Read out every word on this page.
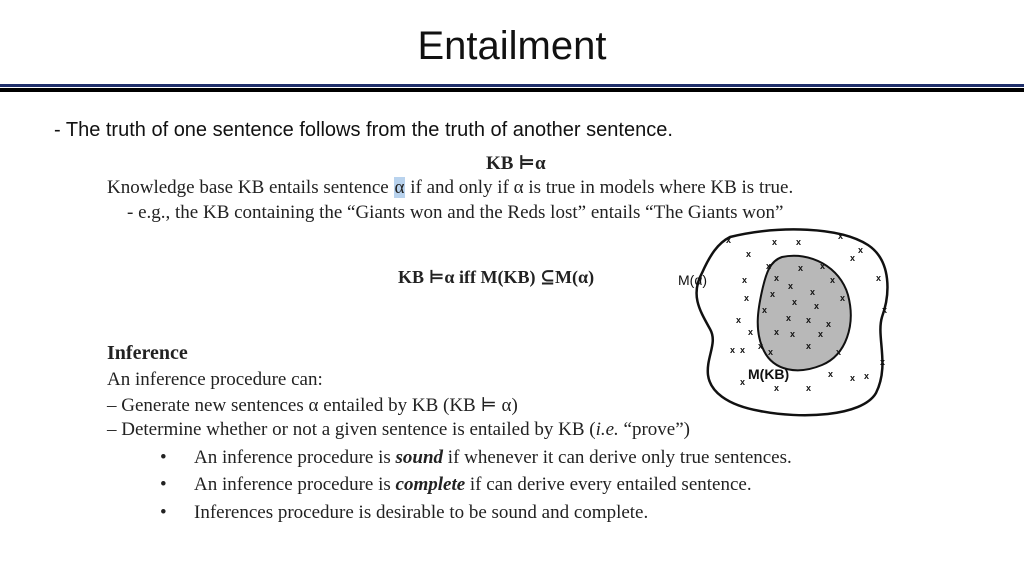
Entailment
- The truth of one sentence follows from the truth of another sentence.
KB ⊨α
Knowledge base KB entails sentence α if and only if α is true in models where KB is true.
- e.g., the KB containing the “Giants won and the Reds lost” entails “The Giants won”
KB ⊨α iff M(KB) ⊆M(α)
Inference
An inference procedure can:
– Generate new sentences α entailed by KB (KB ⊨ α)
– Determine whether or not a given sentence is entailed by KB (i.e. “prove”)
• An inference procedure is sound if whenever it can derive only true sentences.
• An inference procedure is complete if can derive every entailed sentence.
• Inferences procedure is desirable to be sound and complete.
M(α)
M(KB)
x	x x
x
x
x
x
x
x	x
x x
x
x
x
x	x
x	x x
x x x
x
x
x x x	x
x x x
x
x
x
x
x
x
x
x
x
x	x
x
